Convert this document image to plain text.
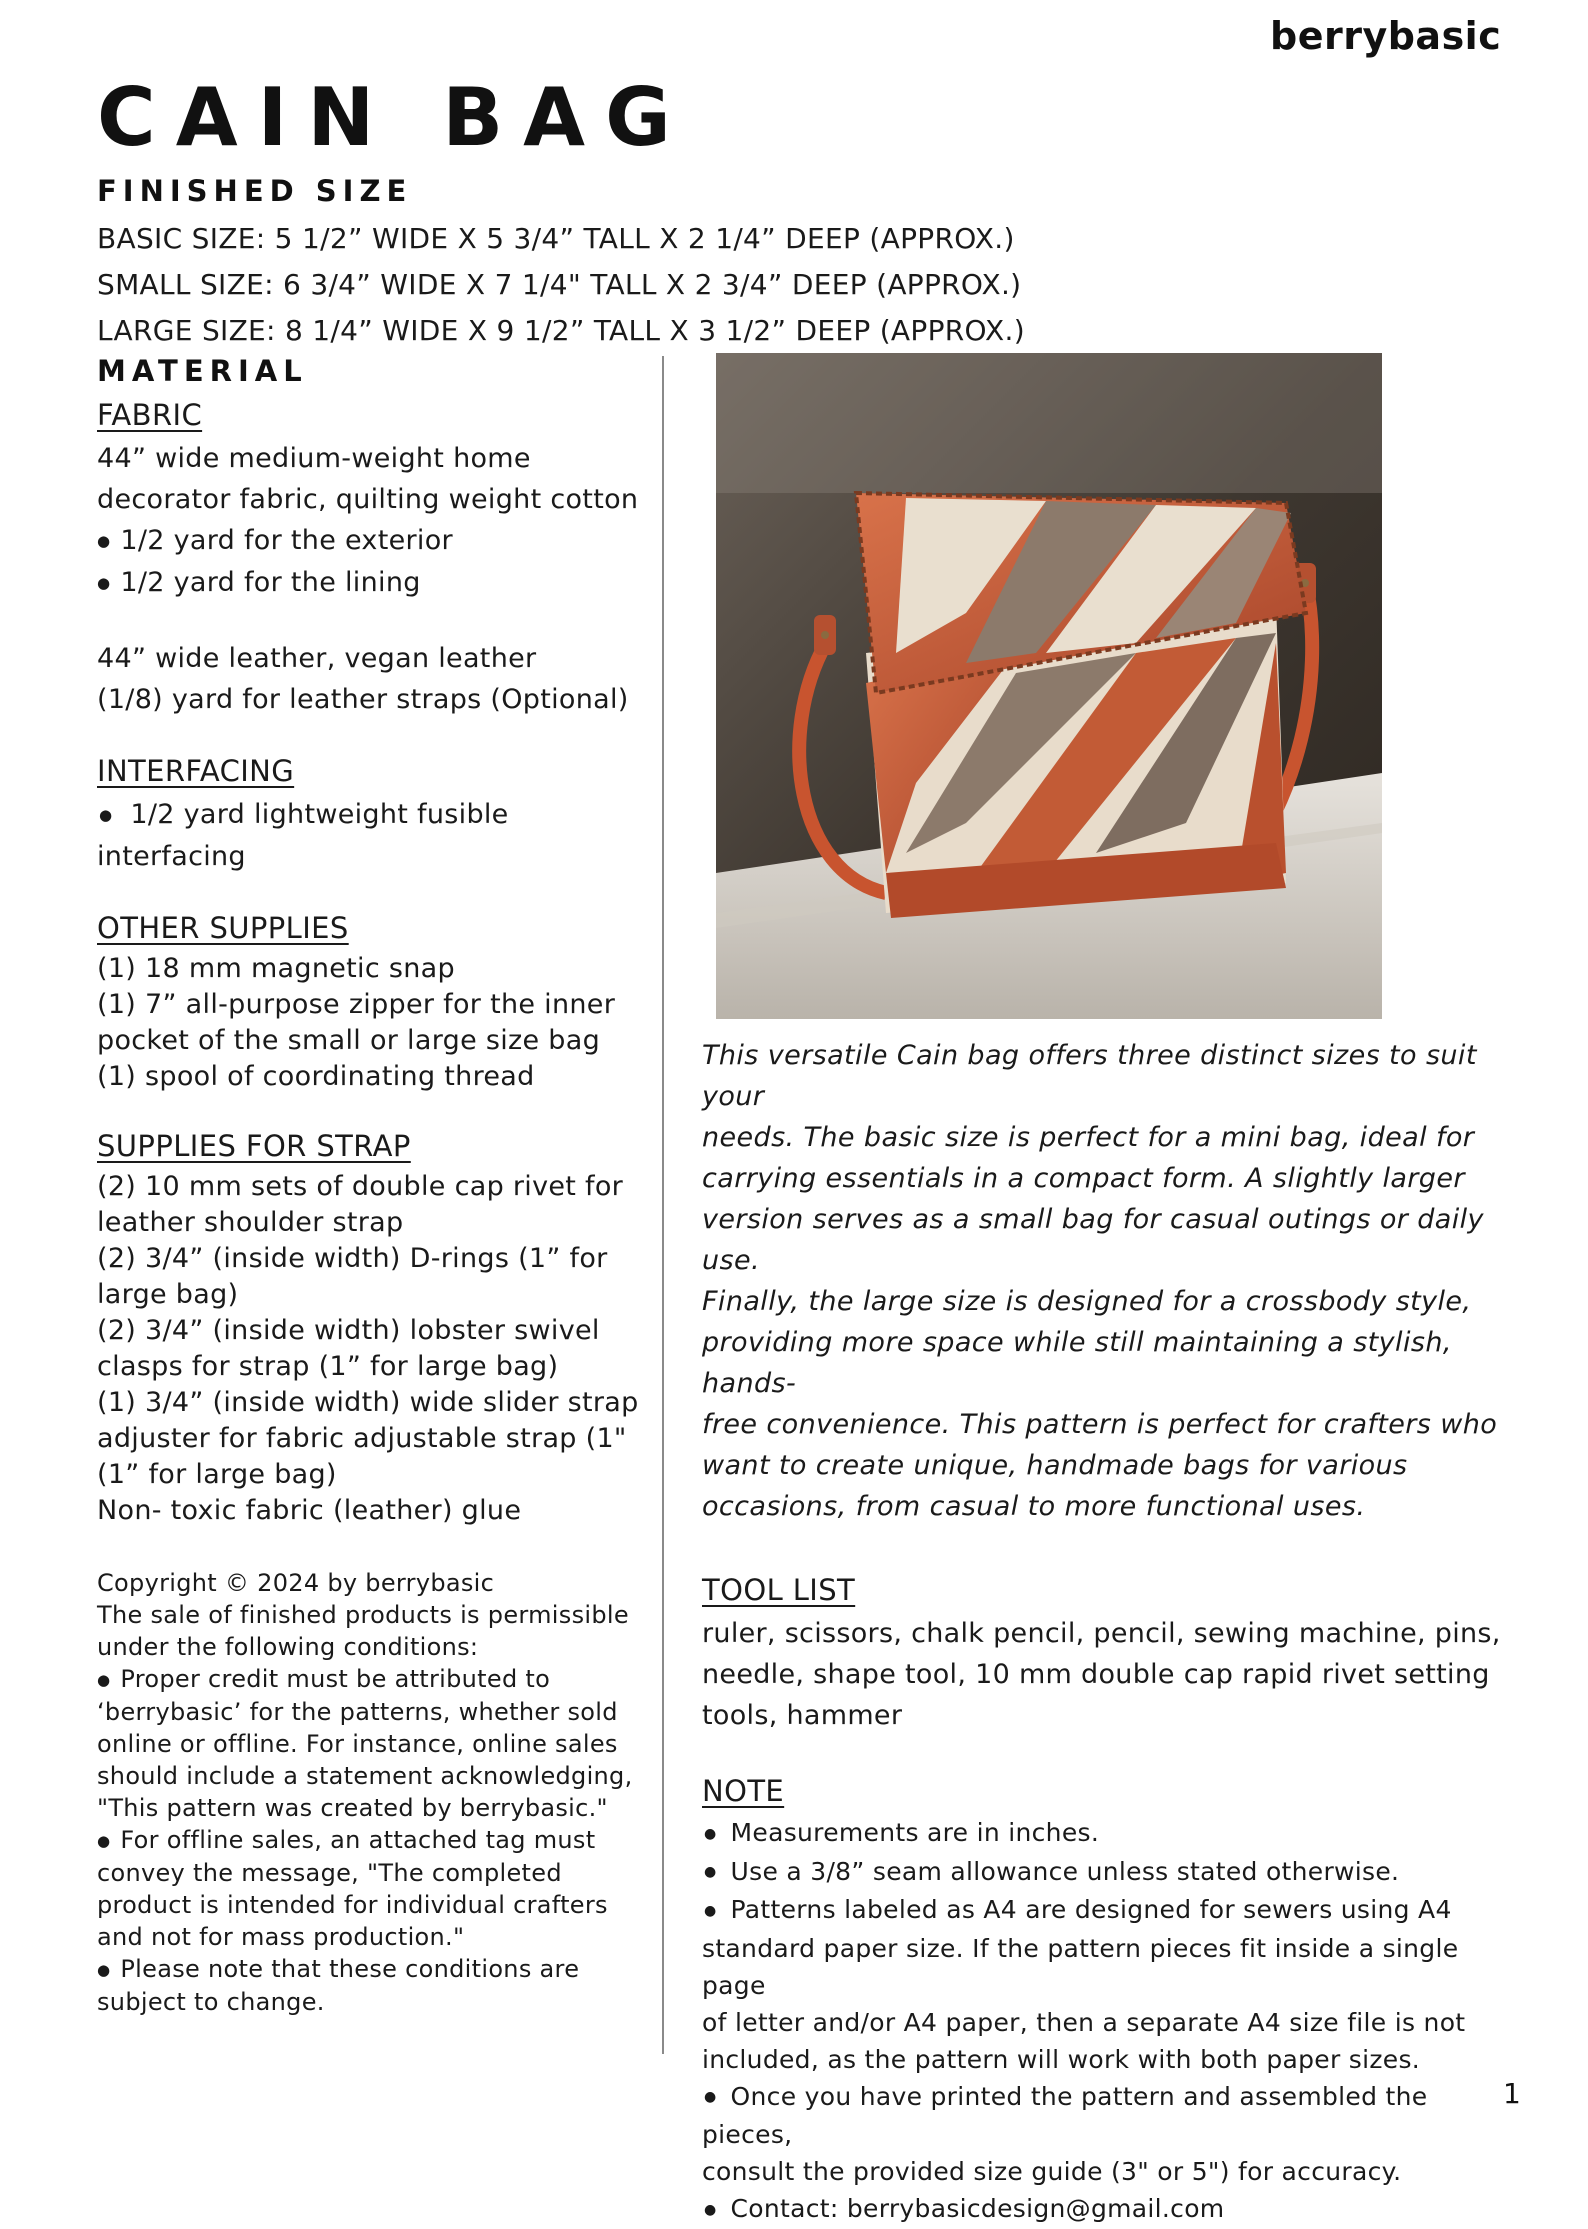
berrybasic
CAIN BAG
FINISHED SIZE

BASIC SIZE: 5 1/2” WIDE X 5 3/4” TALL X 2 1/4” DEEP (APPROX.)

SMALL SIZE: 6 3/4” WIDE X 7 1/4" TALL X 2 3/4” DEEP (APPROX.)

LARGE SIZE: 8 1/4” WIDE X 9 1/2” TALL X 3 1/2” DEEP (APPROX.)

MATERIAL

FABRIC

44” wide medium-weight home

decorator fabric, quilting weight cotton

● 1/2 yard for the exterior

● 1/2 yard for the lining

44” wide leather, vegan leather

(1/8) yard for leather straps (Optional)

INTERFACING

● 1/2 yard lightweight fusible

interfacing

OTHER SUPPLIES

(1) 18 mm magnetic snap

(1) 7” all-purpose zipper for the inner

pocket of the small or large size bag

(1) spool of coordinating thread

SUPPLIES FOR STRAP

(2) 10 mm sets of double cap rivet for

leather shoulder strap

(2) 3/4” (inside width) D-rings (1” for

large bag)

(2) 3/4” (inside width) lobster swivel

clasps for strap (1” for large bag)

(1) 3/4” (inside width) wide slider strap

adjuster for fabric adjustable strap (1"

(1” for large bag)

Non- toxic fabric (leather) glue

Copyright © 2024 by berrybasic

The sale of finished products is permissible

under the following conditions:

● Proper credit must be attributed to

‘berrybasic’ for the patterns, whether sold

online or offline. For instance, online sales

should include a statement acknowledging,

"This pattern was created by berrybasic."

● For offline sales, an attached tag must

convey the message, "The completed

product is intended for individual crafters

and not for mass production."

● Please note that these conditions are

subject to change.

This versatile Cain bag offers three distinct sizes to suit your

needs. The basic size is perfect for a mini bag, ideal for

carrying essentials in a compact form. A slightly larger

version serves as a small bag for casual outings or daily use.

Finally, the large size is designed for a crossbody style,

providing more space while still maintaining a stylish, hands-

free convenience. This pattern is perfect for crafters who

want to create unique, handmade bags for various

occasions, from casual to more functional uses.

TOOL LIST

ruler, scissors, chalk pencil, pencil, sewing machine, pins,

needle, shape tool, 10 mm double cap rapid rivet setting

tools, hammer

NOTE

● Measurements are in inches.

● Use a 3/8” seam allowance unless stated otherwise.

● Patterns labeled as A4 are designed for sewers using A4

standard paper size. If the pattern pieces fit inside a single page

of letter and/or A4 paper, then a separate A4 size file is not

included, as the pattern will work with both paper sizes.

● Once you have printed the pattern and assembled the pieces,

consult the provided size guide (3" or 5") for accuracy.

● Contact: berrybasicdesign@gmail.com

1
